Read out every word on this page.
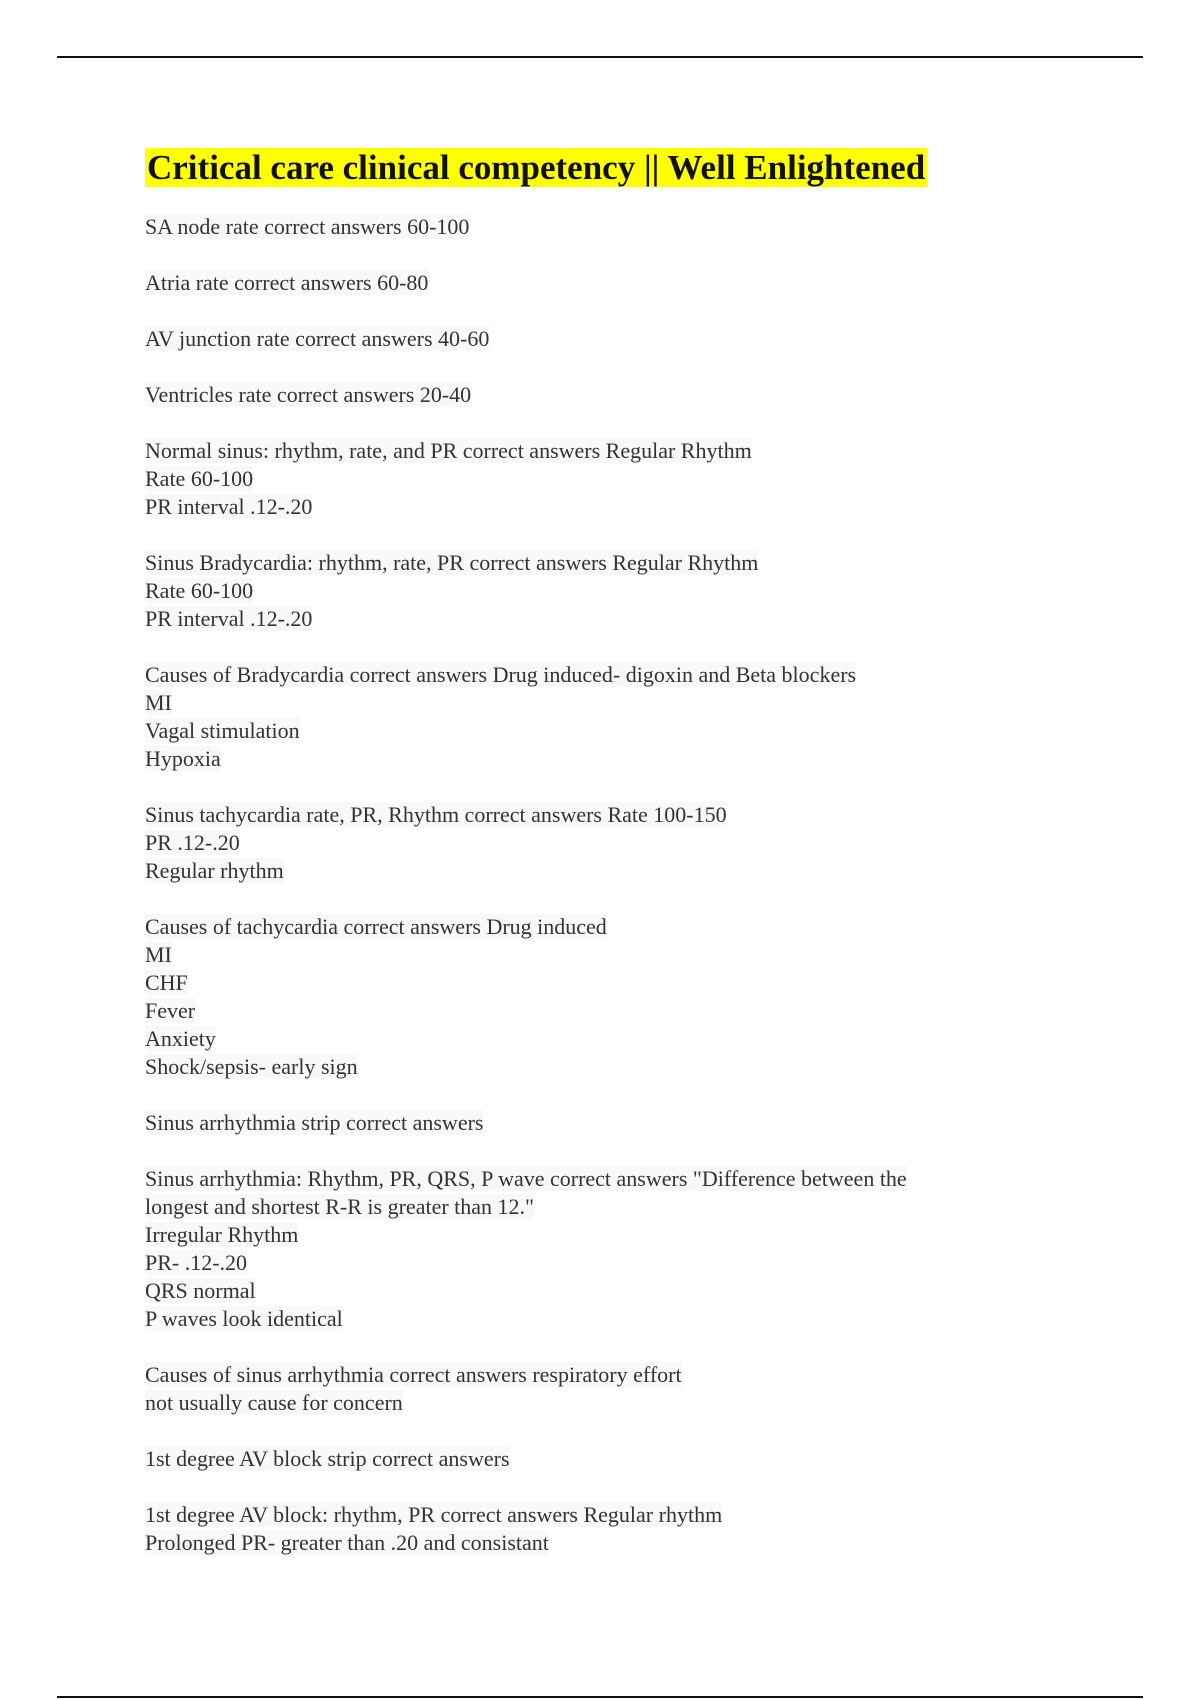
Critical care clinical competency || Well Enlightened
SA node rate correct answers 60-100
Atria rate correct answers 60-80
AV junction rate correct answers 40-60
Ventricles rate correct answers 20-40
Normal sinus: rhythm, rate, and PR correct answers Regular Rhythm
Rate 60-100
PR interval .12-.20
Sinus Bradycardia: rhythm, rate, PR correct answers Regular Rhythm
Rate 60-100
PR interval .12-.20
Causes of Bradycardia correct answers Drug induced- digoxin and Beta blockers
MI
Vagal stimulation
Hypoxia
Sinus tachycardia rate, PR, Rhythm correct answers Rate 100-150
PR .12-.20
Regular rhythm
Causes of tachycardia correct answers Drug induced
MI
CHF
Fever
Anxiety
Shock/sepsis- early sign
Sinus arrhythmia strip correct answers
Sinus arrhythmia: Rhythm, PR, QRS, P wave correct answers "Difference between the
longest and shortest R-R is greater than 12."
Irregular Rhythm
PR- .12-.20
QRS normal
P waves look identical
Causes of sinus arrhythmia correct answers respiratory effort
not usually cause for concern
1st degree AV block strip correct answers
1st degree AV block: rhythm, PR correct answers Regular rhythm
Prolonged PR- greater than .20 and consistant
